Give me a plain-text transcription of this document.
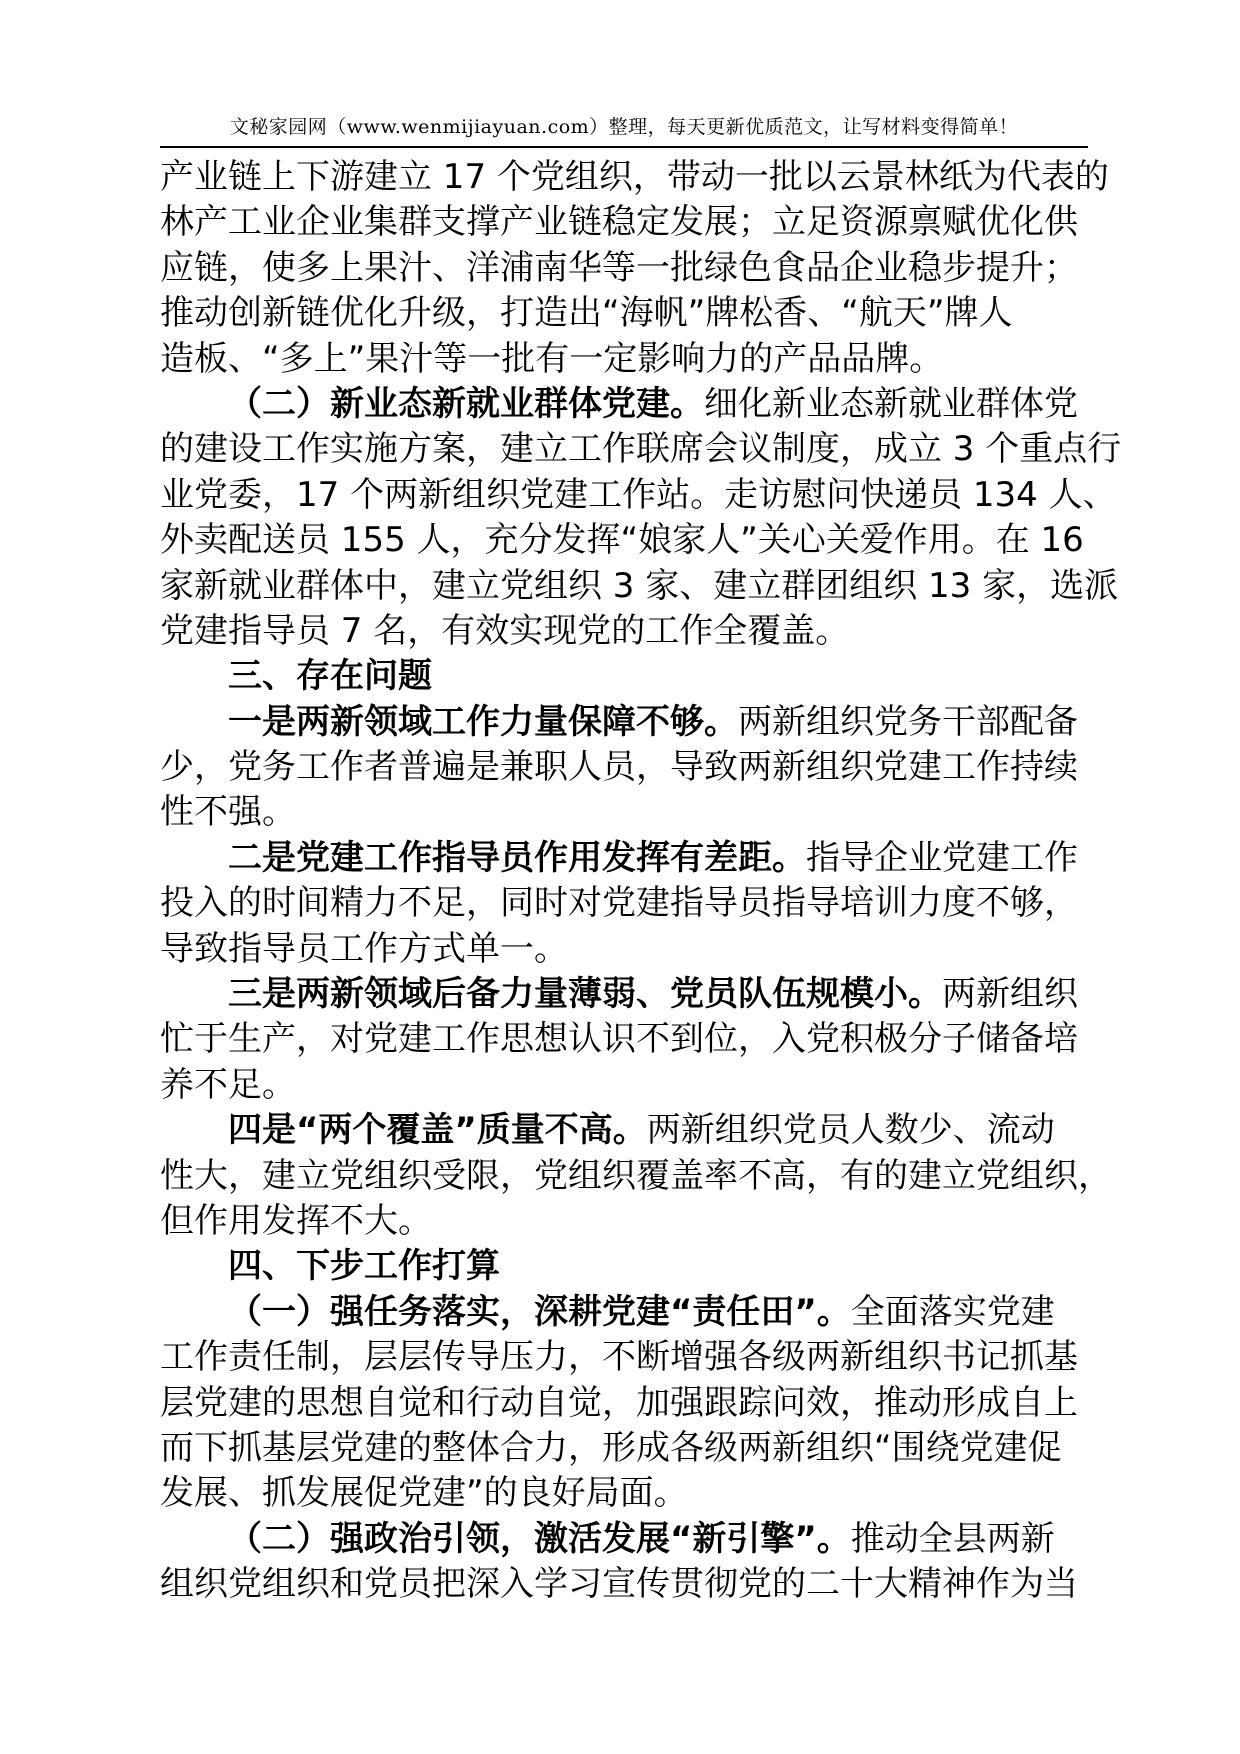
文秘家园网（www.wenmijiayuan.com）整理，每天更新优质范文，让写材料变得简单！
产业链上下游建立 17 个党组织，带动一批以云景林纸为代表的
林产工业企业集群支撑产业链稳定发展；立足资源禀赋优化供
应链，使多上果汁、洋浦南华等一批绿色食品企业稳步提升；
推动创新链优化升级，打造出“海帆”牌松香、“航天”牌人
造板、“多上”果汁等一批有一定影响力的产品品牌。
（二）新业态新就业群体党建。细化新业态新就业群体党
的建设工作实施方案，建立工作联席会议制度，成立 3 个重点行
业党委，17 个两新组织党建工作站。走访慰问快递员 134 人、
外卖配送员 155 人，充分发挥“娘家人”关心关爱作用。在 16
家新就业群体中，建立党组织 3 家、建立群团组织 13 家，选派
党建指导员 7 名，有效实现党的工作全覆盖。
三、存在问题
一是两新领域工作力量保障不够。两新组织党务干部配备
少，党务工作者普遍是兼职人员，导致两新组织党建工作持续
性不强。
二是党建工作指导员作用发挥有差距。指导企业党建工作
投入的时间精力不足，同时对党建指导员指导培训力度不够，
导致指导员工作方式单一。
三是两新领域后备力量薄弱、党员队伍规模小。两新组织
忙于生产，对党建工作思想认识不到位，入党积极分子储备培
养不足。
四是“两个覆盖”质量不高。两新组织党员人数少、流动
性大，建立党组织受限，党组织覆盖率不高，有的建立党组织，
但作用发挥不大。
四、下步工作打算
（一）强任务落实，深耕党建“责任田”。全面落实党建
工作责任制，层层传导压力，不断增强各级两新组织书记抓基
层党建的思想自觉和行动自觉，加强跟踪问效，推动形成自上
而下抓基层党建的整体合力，形成各级两新组织“围绕党建促
发展、抓发展促党建”的良好局面。
（二）强政治引领，激活发展“新引擎”。推动全县两新
组织党组织和党员把深入学习宣传贯彻党的二十大精神作为当
